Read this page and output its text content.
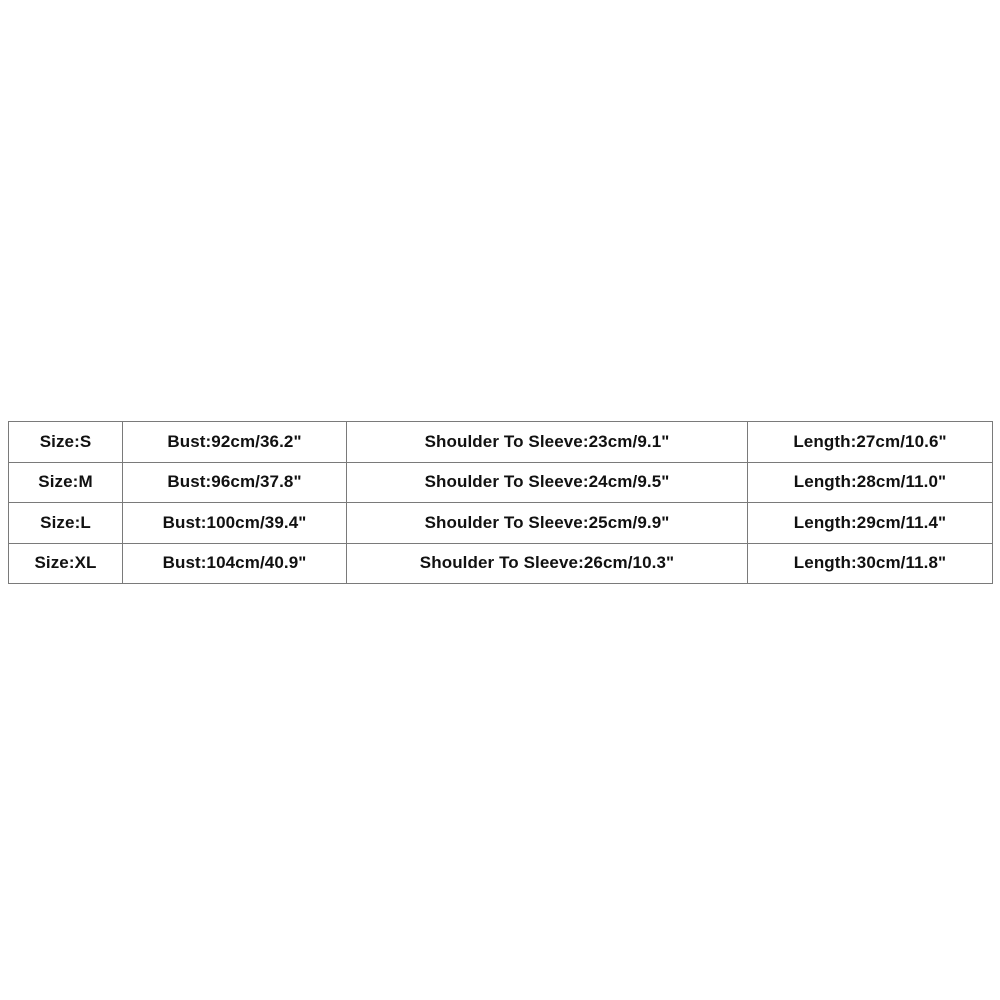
Size:S	Bust:92cm/36.2"	Shoulder To Sleeve:23cm/9.1"	Length:27cm/10.6"
Size:M	Bust:96cm/37.8"	Shoulder To Sleeve:24cm/9.5"	Length:28cm/11.0"
Size:L	Bust:100cm/39.4"	Shoulder To Sleeve:25cm/9.9"	Length:29cm/11.4"
Size:XL	Bust:104cm/40.9"	Shoulder To Sleeve:26cm/10.3"	Length:30cm/11.8"
